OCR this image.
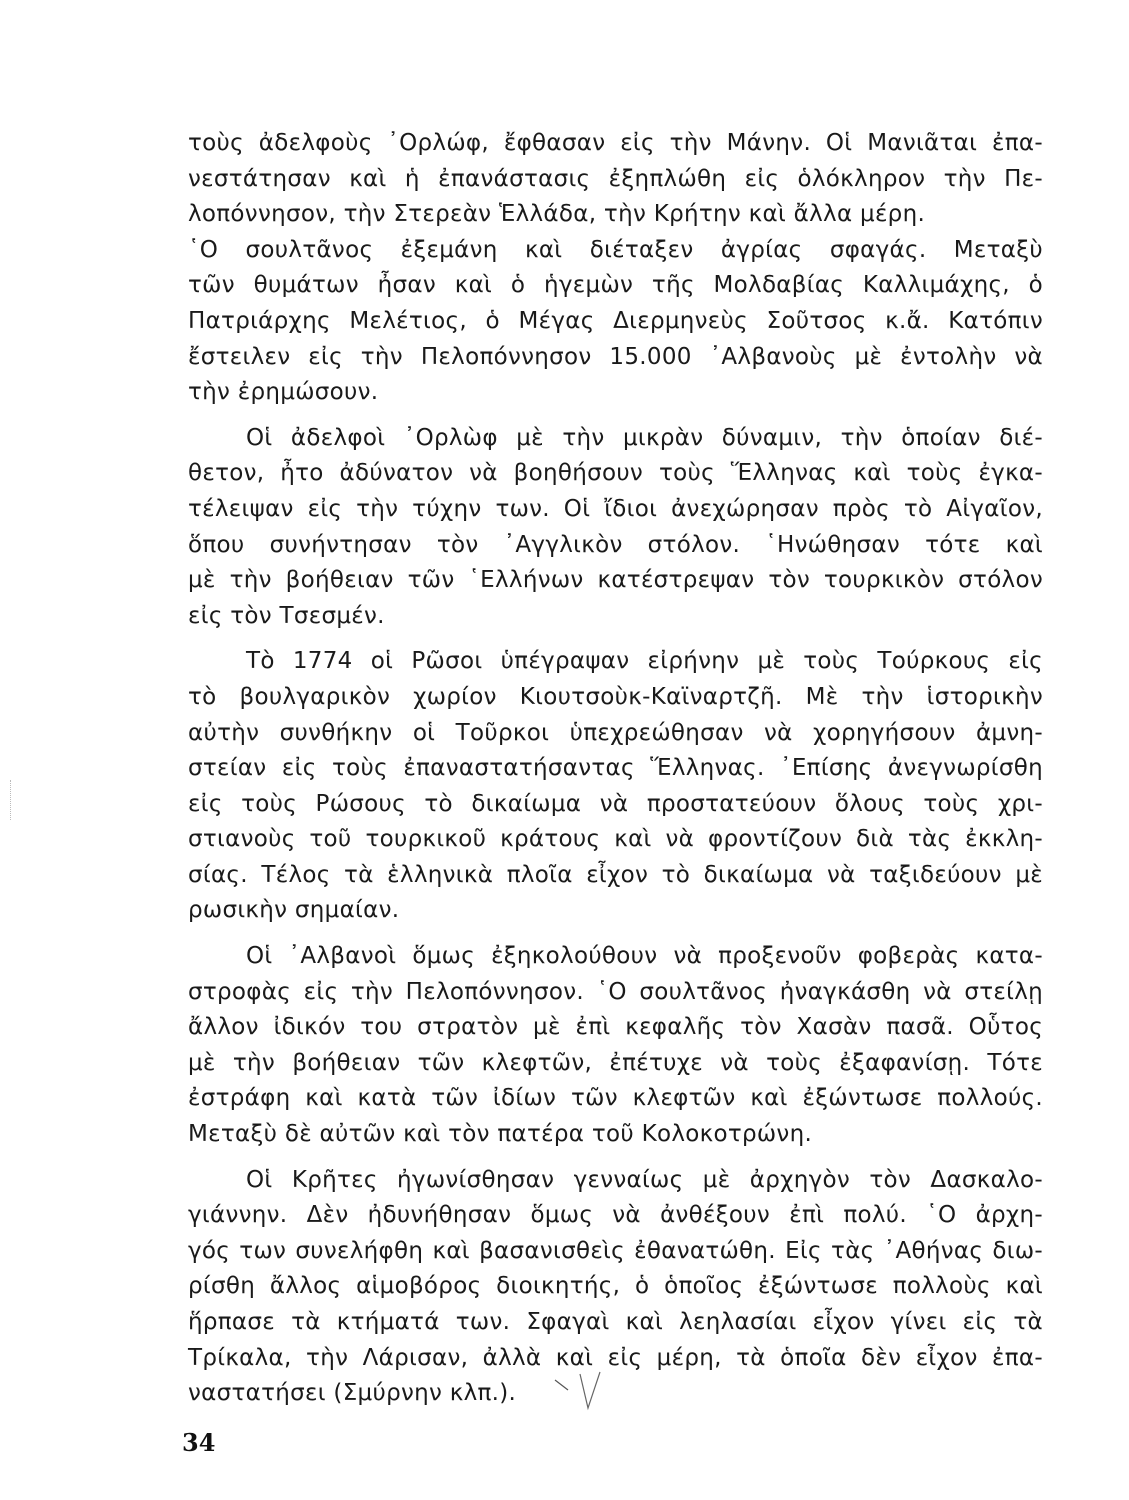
τοὺς ἀδελφοὺς ᾿Ορλώφ, ἔφθασαν εἰς τὴν Μάνην. Οἱ Μανιᾶται ἐπα-
νεστάτησαν καὶ ἡ ἐπανάστασις ἐξηπλώθη εἰς ὁλόκληρον τὴν Πε-
λοπόννησον, τὴν Στερεὰν Ἑλλάδα, τὴν Κρήτην καὶ ἄλλα μέρη.
῾Ο σουλτᾶνος ἐξεμάνη καὶ διέταξεν ἀγρίας σφαγάς. Μεταξὺ
τῶν θυμάτων ἦσαν καὶ ὁ ἡγεμὼν τῆς Μολδαβίας Καλλιμάχης, ὁ
Πατριάρχης Μελέτιος, ὁ Μέγας Διερμηνεὺς Σοῦτσος κ.ἄ. Κατόπιν
ἔστειλεν εἰς τὴν Πελοπόννησον 15.000 ᾿Αλβανοὺς μὲ ἐντολὴν νὰ
τὴν ἐρημώσουν.
Οἱ ἀδελφοὶ ᾿Ορλὼφ μὲ τὴν μικρὰν δύναμιν, τὴν ὁποίαν διέ-
θετον, ἦτο ἀδύνατον νὰ βοηθήσουν τοὺς Ἕλληνας καὶ τοὺς ἐγκα-
τέλειψαν εἰς τὴν τύχην των. Οἱ ἴδιοι ἀνεχώρησαν πρὸς τὸ Αἰγαῖον,
ὅπου συνήντησαν τὸν ᾿Αγγλικὸν στόλον. ῾Ηνώθησαν τότε καὶ
μὲ τὴν βοήθειαν τῶν ῾Ελλήνων κατέστρεψαν τὸν τουρκικὸν στόλον
εἰς τὸν Τσεσμέν.
Τὸ 1774 οἱ Ρῶσοι ὑπέγραψαν εἰρήνην μὲ τοὺς Τούρκους εἰς
τὸ βουλγαρικὸν χωρίον Κιουτσοὺκ-Καϊναρτζῆ. Μὲ τὴν ἱστορικὴν
αὐτὴν συνθήκην οἱ Τοῦρκοι ὑπεχρεώθησαν νὰ χορηγήσουν ἀμνη-
στείαν εἰς τοὺς ἐπαναστατήσαντας Ἕλληνας. ᾿Επίσης ἀνεγνωρίσθη
εἰς τοὺς Ρώσους τὸ δικαίωμα νὰ προστατεύουν ὅλους τοὺς χρι-
στιανοὺς τοῦ τουρκικοῦ κράτους καὶ νὰ φροντίζουν διὰ τὰς ἐκκλη-
σίας. Τέλος τὰ ἑλληνικὰ πλοῖα εἶχον τὸ δικαίωμα νὰ ταξιδεύουν μὲ
ρωσικὴν σημαίαν.
Οἱ ᾿Αλβανοὶ ὅμως ἐξηκολούθουν νὰ προξενοῦν φοβερὰς κατα-
στροφὰς εἰς τὴν Πελοπόννησον. ῾Ο σουλτᾶνος ἠναγκάσθη νὰ στείλῃ
ἄλλον ἰδικόν του στρατὸν μὲ ἐπὶ κεφαλῆς τὸν Χασὰν πασᾶ. Οὗτος
μὲ τὴν βοήθειαν τῶν κλεφτῶν, ἐπέτυχε νὰ τοὺς ἐξαφανίσῃ. Τότε
ἐστράφη καὶ κατὰ τῶν ἰδίων τῶν κλεφτῶν καὶ ἐξώντωσε πολλούς.
Μεταξὺ δὲ αὐτῶν καὶ τὸν πατέρα τοῦ Κολοκοτρώνη.
Οἱ Κρῆτες ἠγωνίσθησαν γενναίως μὲ ἀρχηγὸν τὸν Δασκαλο-
γιάννην. Δὲν ἠδυνήθησαν ὅμως νὰ ἀνθέξουν ἐπὶ πολύ. ῾Ο ἀρχη-
γός των συνελήφθη καὶ βασανισθεὶς ἐθανατώθη. Εἰς τὰς ᾿Αθήνας διω-
ρίσθη ἄλλος αἱμοβόρος διοικητής, ὁ ὁποῖος ἐξώντωσε πολλοὺς καὶ
ἥρπασε τὰ κτήματά των. Σφαγαὶ καὶ λεηλασίαι εἶχον γίνει εἰς τὰ
Τρίκαλα, τὴν Λάρισαν, ἀλλὰ καὶ εἰς μέρη, τὰ ὁποῖα δὲν εἶχον ἐπα-
ναστατήσει (Σμύρνην κλπ.).
34
